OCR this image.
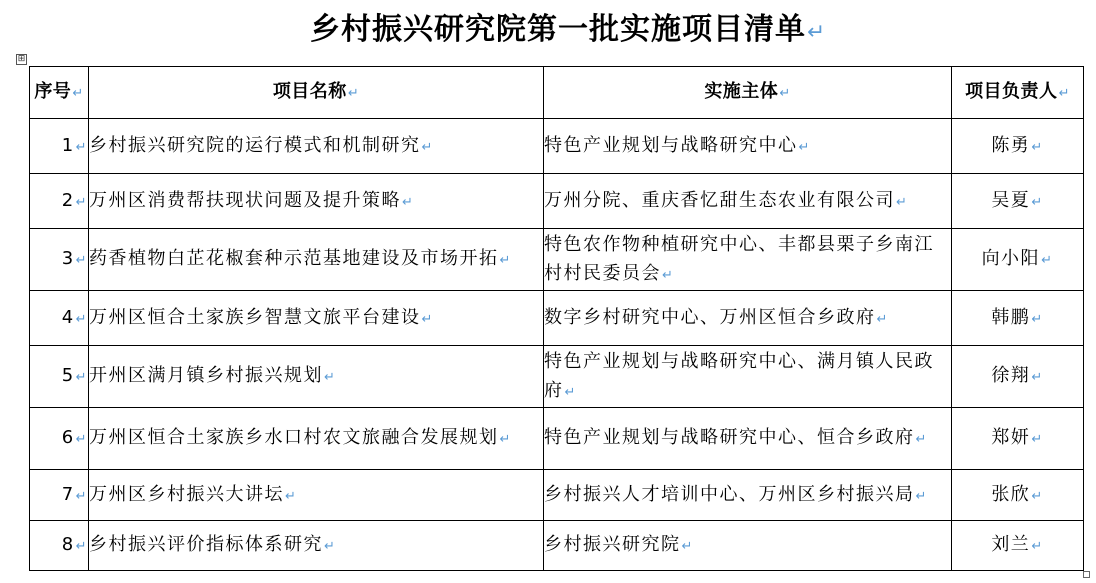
乡村振兴研究院第一批实施项目清单↵
⊞
序号↵	项目名称↵	实施主体↵	项目负责人↵
1↵	乡村振兴研究院的运行模式和机制研究↵	特色产业规划与战略研究中心↵	陈勇↵
2↵	万州区消费帮扶现状问题及提升策略↵	万州分院、重庆香忆甜生态农业有限公司↵	吴夏↵
3↵	药香植物白芷花椒套种示范基地建设及市场开拓↵	特色农作物种植研究中心、丰都县栗子乡南江村村民委员会↵	向小阳↵
4↵	万州区恒合土家族乡智慧文旅平台建设↵	数字乡村研究中心、万州区恒合乡政府↵	韩鹏↵
5↵	开州区满月镇乡村振兴规划↵	特色产业规划与战略研究中心、满月镇人民政府↵	徐翔↵
6↵	万州区恒合土家族乡水口村农文旅融合发展规划↵	特色产业规划与战略研究中心、恒合乡政府↵	郑妍↵
7↵	万州区乡村振兴大讲坛↵	乡村振兴人才培训中心、万州区乡村振兴局↵	张欣↵
8↵	乡村振兴评价指标体系研究↵	乡村振兴研究院↵	刘兰↵
